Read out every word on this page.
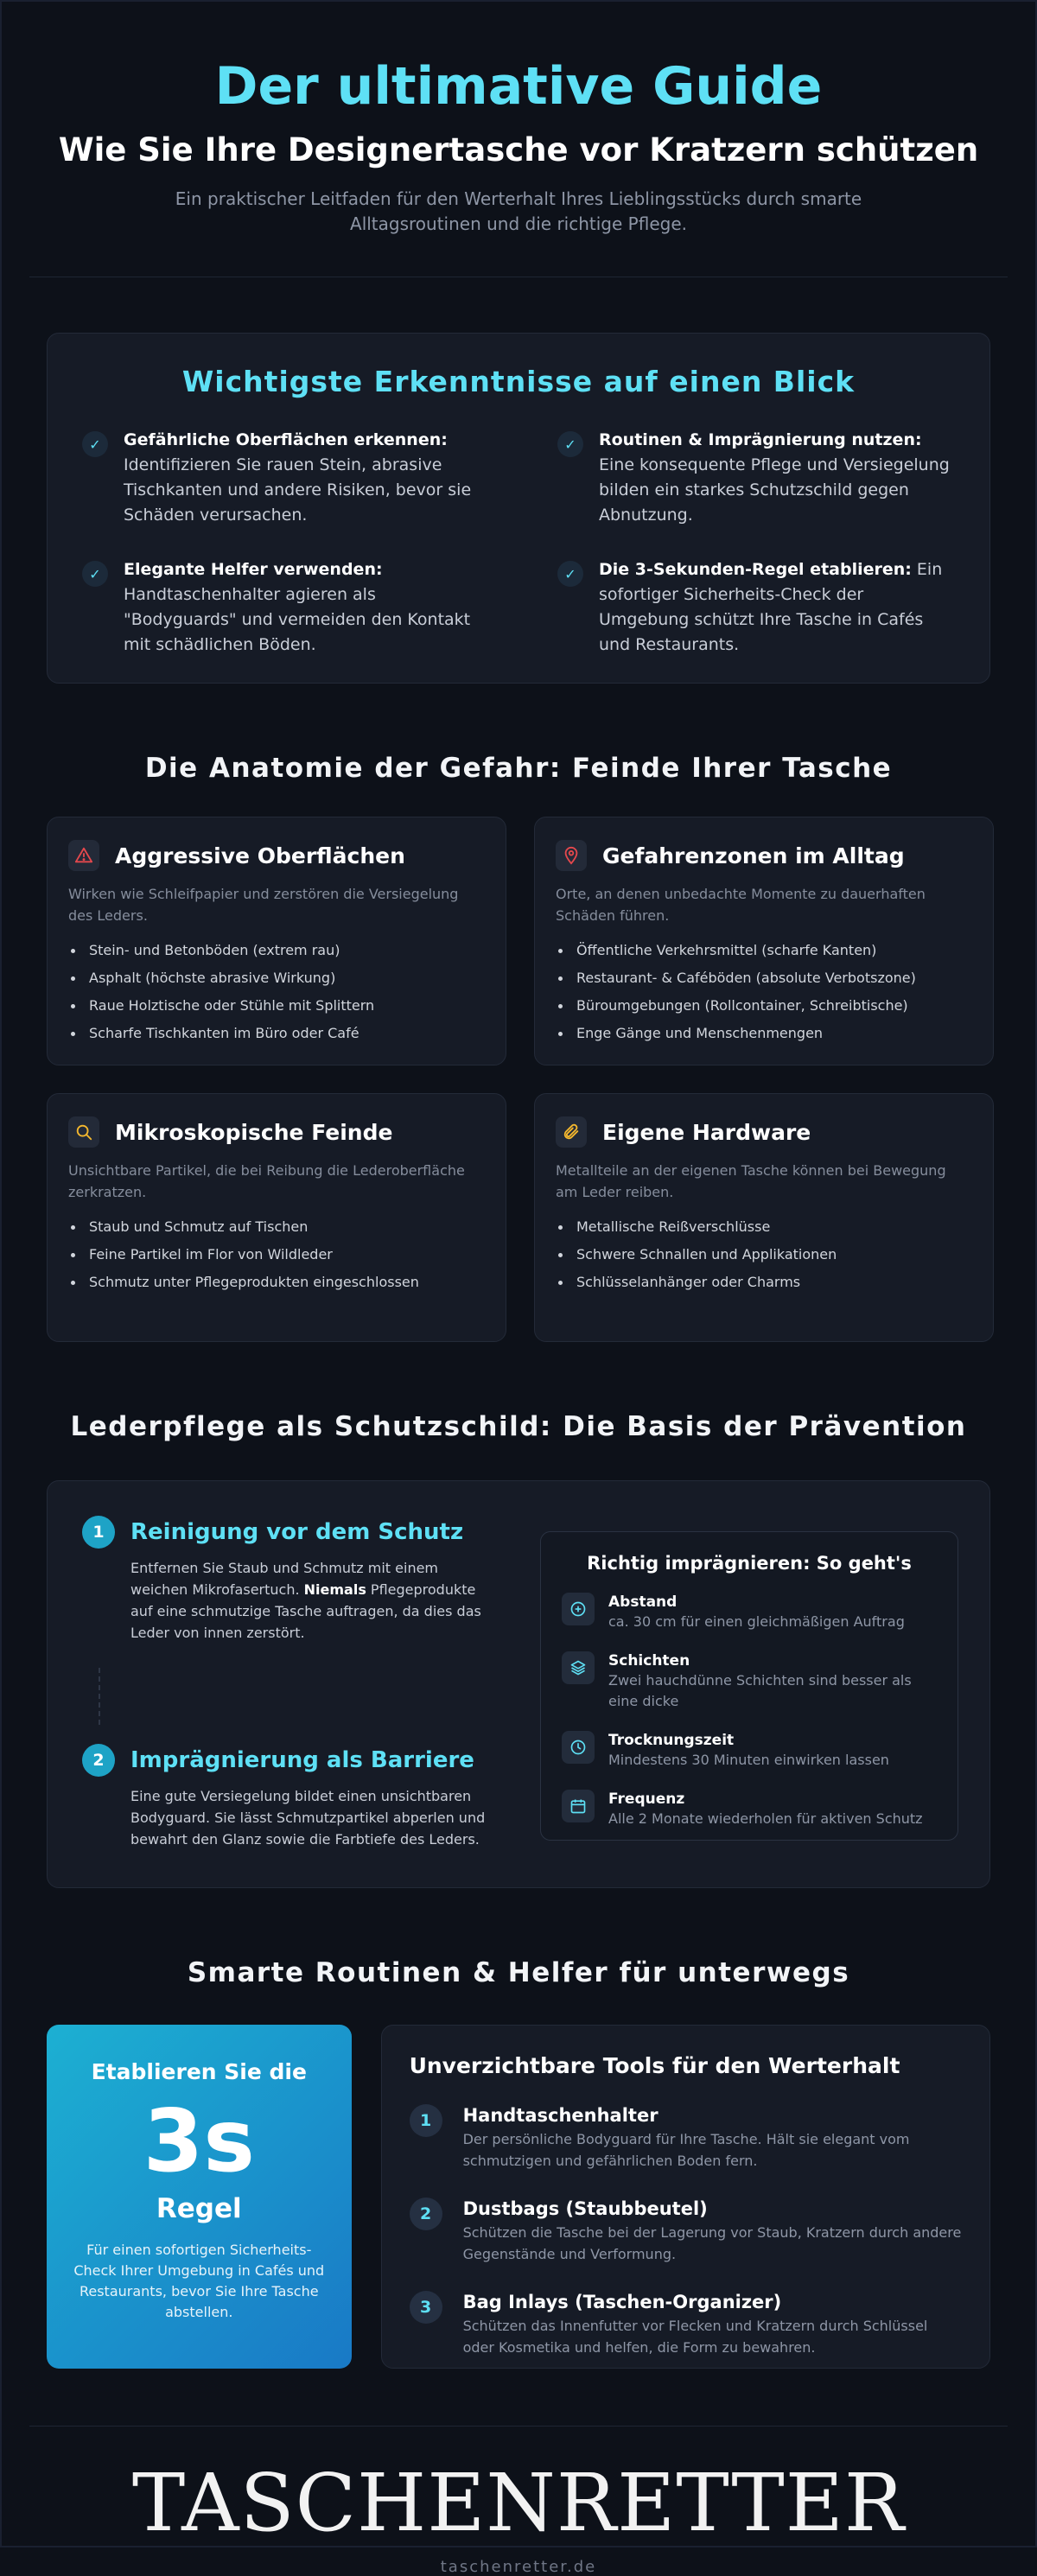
Der ultimative Guide
Wie Sie Ihre Designertasche vor Kratzern schützen

Ein praktischer Leitfaden für den Werterhalt Ihres Lieblingsstücks durch smarte Alltagsroutinen und die richtige Pflege.

Wichtigste Erkenntnisse auf einen Blick
✓	Gefährliche Oberflächen erkennen: Identifizieren Sie rauen Stein, abrasive Tischkanten und andere Risiken, bevor sie Schäden verursachen.

✓	Routinen & Imprägnierung nutzen: Eine konsequente Pflege und Versiegelung bilden ein starkes Schutzschild gegen Abnutzung.

✓	Elegante Helfer verwenden: Handtaschenhalter agieren als "Bodyguards" und vermeiden den Kontakt mit schädlichen Böden.

✓	Die 3-Sekunden-Regel etablieren: Ein sofortiger Sicherheits-Check der Umgebung schützt Ihre Tasche in Cafés und Restaurants.

Die Anatomie der Gefahr: Feinde Ihrer Tasche
Aggressive Oberflächen

Wirken wie Schleifpapier und zerstören die Versiegelung des Leders.

Stein- und Betonböden (extrem rau)
Asphalt (höchste abrasive Wirkung)
Raue Holztische oder Stühle mit Splittern
Scharfe Tischkanten im Büro oder Café
Gefahrenzonen im Alltag

Orte, an denen unbedachte Momente zu dauerhaften Schäden führen.

Öffentliche Verkehrsmittel (scharfe Kanten)
Restaurant- & Caféböden (absolute Verbotszone)
Büroumgebungen (Rollcontainer, Schreibtische)
Enge Gänge und Menschenmengen
Mikroskopische Feinde

Unsichtbare Partikel, die bei Reibung die Lederoberfläche zerkratzen.

Staub und Schmutz auf Tischen
Feine Partikel im Flor von Wildleder
Schmutz unter Pflegeprodukten eingeschlossen
Eigene Hardware

Metallteile an der eigenen Tasche können bei Bewegung am Leder reiben.

Metallische Reißverschlüsse
Schwere Schnallen und Applikationen
Schlüsselanhänger oder Charms
Lederpflege als Schutzschild: Die Basis der Prävention
1	Reinigung vor dem Schutz

Entfernen Sie Staub und Schmutz mit einem weichen Mikrofasertuch. Niemals Pflegeprodukte auf eine schmutzige Tasche auftragen, da dies das Leder von innen zerstört.

2	Imprägnierung als Barriere

Eine gute Versiegelung bildet einen unsichtbaren Bodyguard. Sie lässt Schmutzpartikel abperlen und bewahrt den Glanz sowie die Farbtiefe des Leders.

Richtig imprägnieren: So geht's
Abstand
ca. 30 cm für einen gleichmäßigen Auftrag
Schichten
Zwei hauchdünne Schichten sind besser als eine dicke
Trocknungszeit
Mindestens 30 Minuten einwirken lassen
Frequenz
Alle 2 Monate wiederholen für aktiven Schutz
Smarte Routinen & Helfer für unterwegs
Etablieren Sie die
3s
Regel

Für einen sofortigen Sicherheits-Check Ihrer Umgebung in Cafés und Restaurants, bevor Sie Ihre Tasche abstellen.

Unverzichtbare Tools für den Werterhalt
1	Handtaschenhalter
Der persönliche Bodyguard für Ihre Tasche. Hält sie elegant vom schmutzigen und gefährlichen Boden fern.
2	Dustbags (Staubbeutel)
Schützen die Tasche bei der Lagerung vor Staub, Kratzern durch andere Gegenstände und Verformung.
3	Bag Inlays (Taschen-Organizer)
Schützen das Innenfutter vor Flecken und Kratzern durch Schlüssel oder Kosmetika und helfen, die Form zu bewahren.
TASCHENRETTER
taschenretter.de
